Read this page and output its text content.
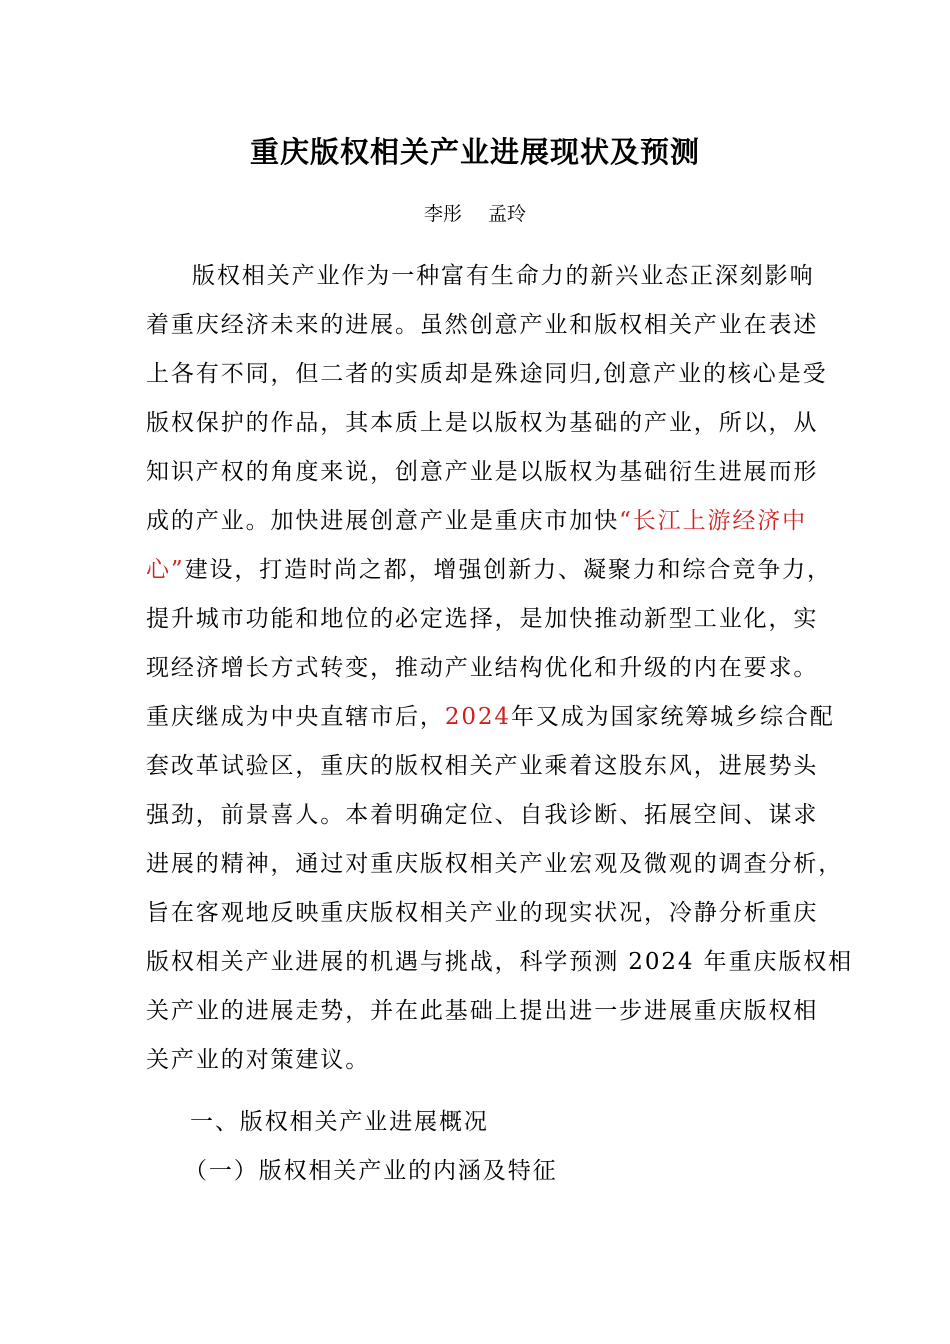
重庆版权相关产业进展现状及预测
李彤 孟玲
版权相关产业作为一种富有生命力的新兴业态正深刻影响
着重庆经济未来的进展。虽然创意产业和版权相关产业在表述
上各有不同，但二者的实质却是殊途同归,创意产业的核心是受
版权保护的作品，其本质上是以版权为基础的产业，所以，从
知识产权的角度来说，创意产业是以版权为基础衍生进展而形
成的产业。加快进展创意产业是重庆市加快“长江上游经济中
心”建设，打造时尚之都，增强创新力、凝聚力和综合竞争力，
提升城市功能和地位的必定选择，是加快推动新型工业化，实
现经济增长方式转变，推动产业结构优化和升级的内在要求。
重庆继成为中央直辖市后，2024年又成为国家统筹城乡综合配
套改革试验区，重庆的版权相关产业乘着这股东风，进展势头
强劲，前景喜人。本着明确定位、自我诊断、拓展空间、谋求
进展的精神，通过对重庆版权相关产业宏观及微观的调查分析，
旨在客观地反映重庆版权相关产业的现实状况，冷静分析重庆
版权相关产业进展的机遇与挑战，科学预测 2024 年重庆版权相
关产业的进展走势，并在此基础上提出进一步进展重庆版权相
关产业的对策建议。
一、版权相关产业进展概况
（一）版权相关产业的内涵及特征
